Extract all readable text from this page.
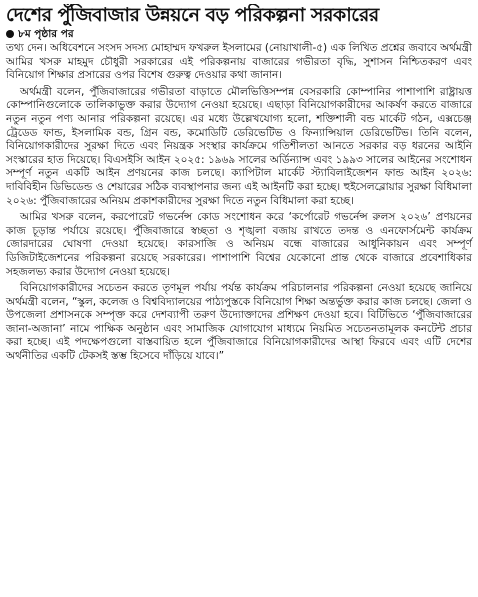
দেশের পুঁজিবাজার উন্নয়নে বড় পরিকল্পনা সরকারের
৮ম পৃষ্ঠার পর

তথ্য দেন। অধিবেশনে সংসদ সদস্য মোহাম্মদ ফখরুল ইসলামের (নোয়াখালী-৫) এক লিখিত প্রশ্নের জবাবে অর্থমন্ত্রী আমির খসরু মাহমুদ চৌধুরী সরকারের এই পরিকল্পনায় বাজারের গভীরতা বৃদ্ধি, সুশাসন নিশ্চিতকরণ এবং বিনিয়োগ শিক্ষার প্রসারের ওপর বিশেষ গুরুত্ব দেওয়ার কথা জানান।

অর্থমন্ত্রী বলেন, পুঁজিবাজারের গভীরতা বাড়াতে মৌলভিত্তিসম্পন্ন বেসরকারি কোম্পানির পাশাপাশি রাষ্ট্রায়ত্ত কোম্পানিগুলোকে তালিকাভুক্ত করার উদ্যোগ নেওয়া হয়েছে। এছাড়া বিনিয়োগকারীদের আকর্ষণ করতে বাজারে নতুন নতুন পণ্য আনার পরিকল্পনা রয়েছে। এর মধ্যে উল্লেখযোগ্য হলো, শক্তিশালী বন্ড মার্কেট গঠন, এক্সচেঞ্জ ট্রেডেড ফান্ড, ইসলামিক বন্ড, গ্রিন বন্ড, কমোডিটি ডেরিভেটিভ ও ফিন্যান্সিয়াল ডেরিভেটিভ। তিনি বলেন, বিনিয়োগকারীদের সুরক্ষা দিতে এবং নিয়ন্ত্রক সংস্থার কার্যক্রমে গতিশীলতা আনতে সরকার বড় ধরনের আইনি সংস্কারের হাত দিয়েছে। বিএসইসি আইন ২০২৫: ১৯৬৯ সালের অর্ডিন্যান্স এবং ১৯৯৩ সালের আইনের সংশোধন সম্পূর্ণ নতুন একটি আইন প্রণয়নের কাজ চলছে। ক্যাপিটাল মার্কেট স্ট্যাবিলাইজেশন ফান্ড আইন ২০২৬: দাবিবিহীন ডিভিডেন্ড ও শেয়ারের সঠিক ব্যবস্থাপনার জন্য এই আইনটি করা হচ্ছে। হুইসেলব্লোয়ার সুরক্ষা বিধিমালা ২০২৬: পুঁজিবাজারের অনিয়ম প্রকাশকারীদের সুরক্ষা দিতে নতুন বিধিমালা করা হচ্ছে।

আমির খসরু বলেন, করপোরেট গভর্নেন্স কোড সংশোধন করে ‘কর্পোরেট গভর্নেন্স রুলস ২০২৬’ প্রণয়নের কাজ চূড়ান্ত পর্যায়ে রয়েছে। পুঁজিবাজারে স্বচ্ছতা ও শৃঙ্খলা বজায় রাখতে তদন্ত ও এনফোর্সমেন্ট কার্যক্রম জোরদারের ঘোষণা দেওয়া হয়েছে। কারসাজি ও অনিয়ম বন্ধে বাজারের আধুনিকায়ন এবং সম্পূর্ণ ডিজিটাইজেশনের পরিকল্পনা রয়েছে সরকারের। পাশাপাশি বিশ্বের যেকোনো প্রান্ত থেকে বাজারে প্রবেশাধিকার সহজলভ্য করার উদ্যোগ নেওয়া হয়েছে।

বিনিয়োগকারীদের সচেতন করতে তৃণমূল পর্যায় পর্যন্ত কার্যক্রম পরিচালনার পরিকল্পনা নেওয়া হয়েছে জানিয়ে অর্থমন্ত্রী বলেন, “স্কুল, কলেজ ও বিশ্ববিদ্যালয়ের পাঠ্যপুস্তকে বিনিয়োগ শিক্ষা অন্তর্ভুক্ত করার কাজ চলছে। জেলা ও উপজেলা প্রশাসনকে সম্পৃক্ত করে দেশব্যাপী তরুণ উদ্যোক্তাদের প্রশিক্ষণ দেওয়া হবে। বিটিভিতে ‘পুঁজিবাজারের জানা-অজানা’ নামে পাক্ষিক অনুষ্ঠান এবং সামাজিক যোগাযোগ মাধ্যমে নিয়মিত সচেতনতামূলক কনটেন্ট প্রচার করা হচ্ছে। এই পদক্ষেপগুলো বাস্তবায়িত হলে পুঁজিবাজারে বিনিয়োগকারীদের আস্থা ফিরবে এবং এটি দেশের অর্থনীতির একটি টেকসই স্তম্ভ হিসেবে দাঁড়িয়ে যাবে।”
